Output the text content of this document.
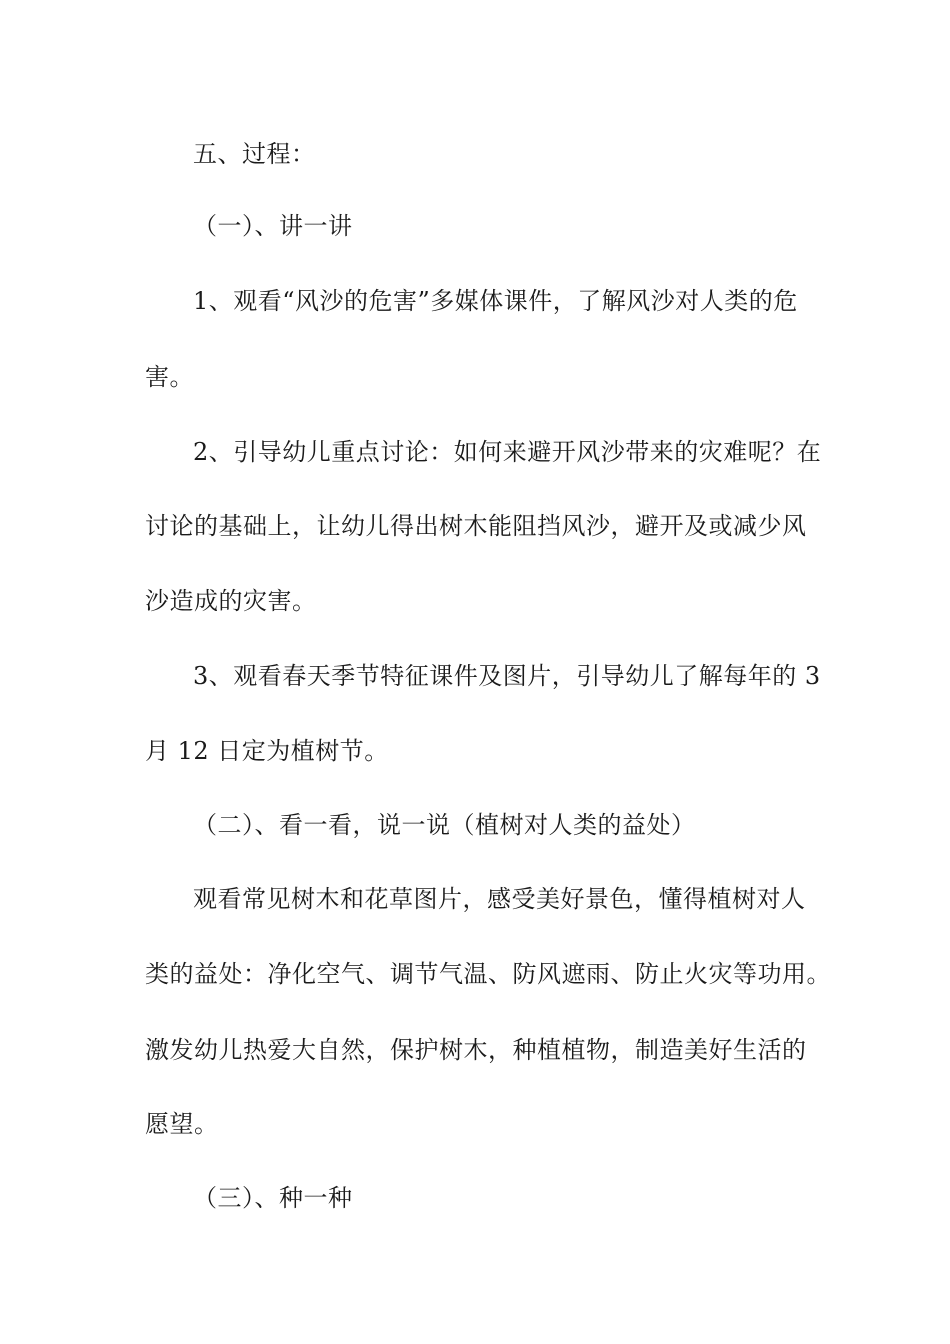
五、过程：
（一）、讲一讲
1、观看“风沙的危害”多媒体课件，了解风沙对人类的危
害。
2、引导幼儿重点讨论：如何来避开风沙带来的灾难呢？在
讨论的基础上，让幼儿得出树木能阻挡风沙，避开及或减少风
沙造成的灾害。
3、观看春天季节特征课件及图片，引导幼儿了解每年的 3
月 12 日定为植树节。
（二）、看一看，说一说（植树对人类的益处）
观看常见树木和花草图片，感受美好景色，懂得植树对人
类的益处：净化空气、调节气温、防风遮雨、防止火灾等功用。
激发幼儿热爱大自然，保护树木，种植植物，制造美好生活的
愿望。
（三）、种一种
